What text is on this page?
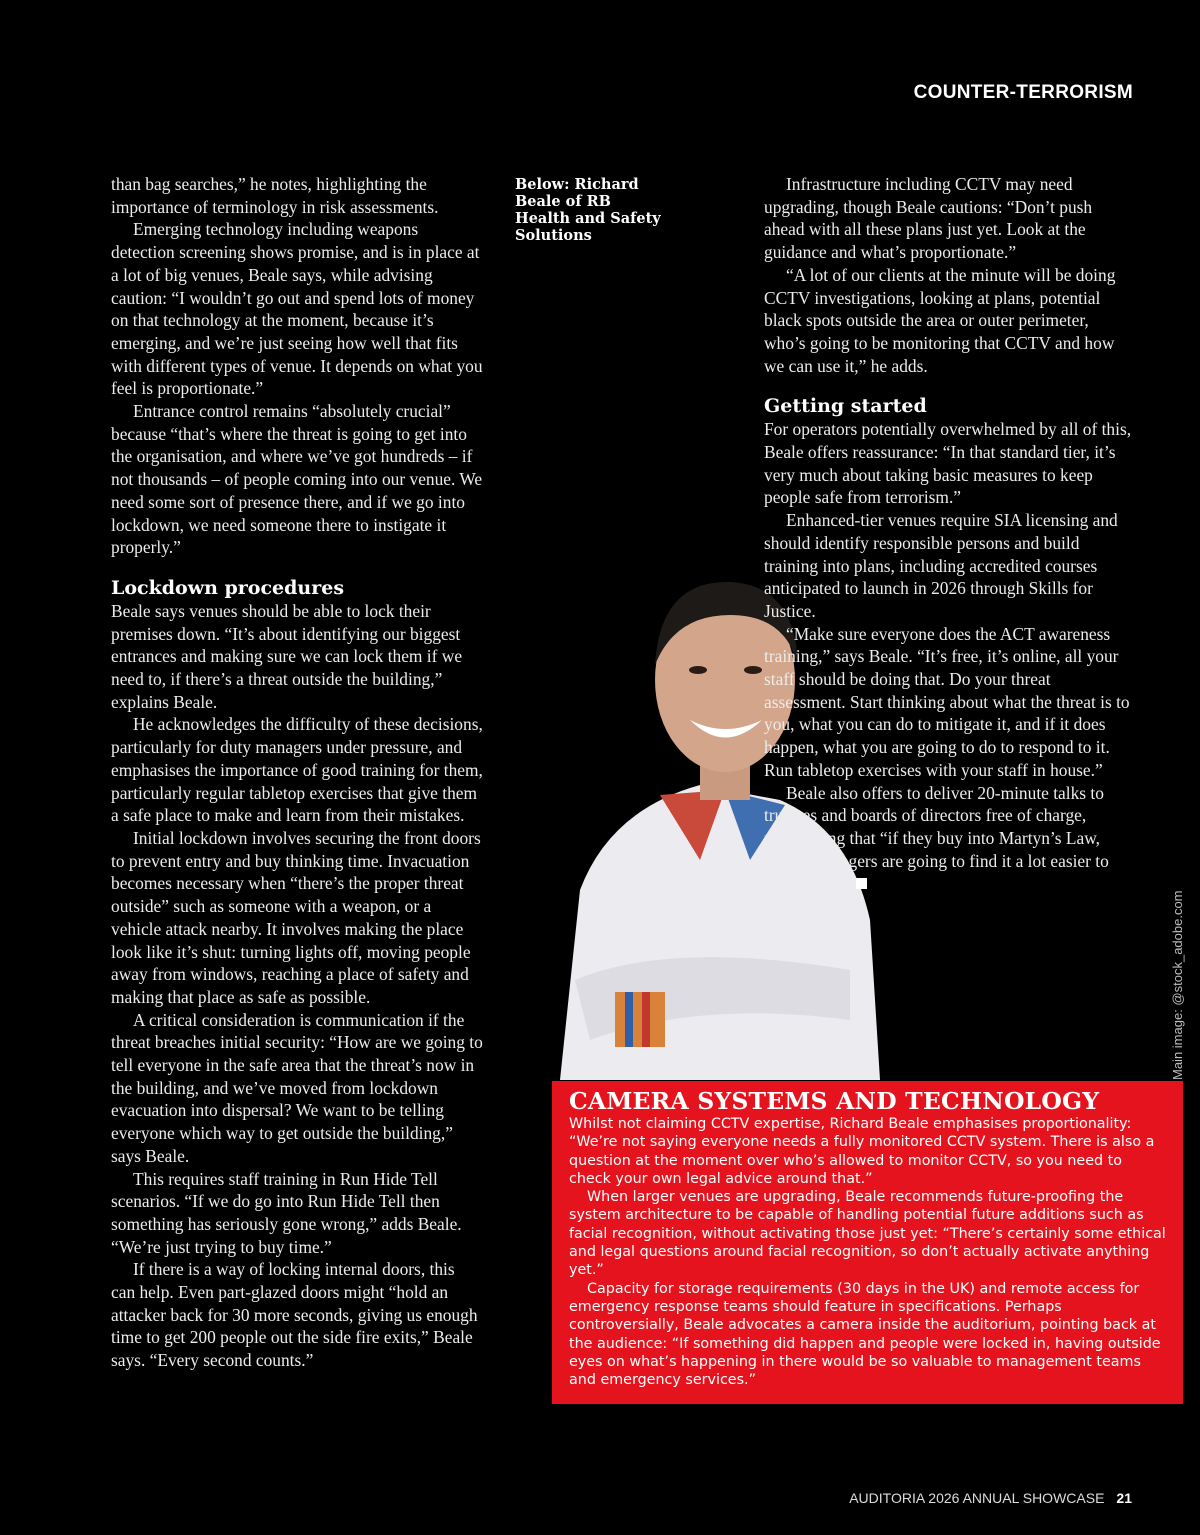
COUNTER-TERRORISM

than bag searches,” he notes, highlighting the importance of terminology in risk assessments.

Emerging technology including weapons detection screening shows promise, and is in place at a lot of big venues, Beale says, while advising caution: “I wouldn’t go out and spend lots of money on that technology at the moment, because it’s emerging, and we’re just seeing how well that fits with different types of venue. It depends on what you feel is proportionate.”

Entrance control remains “absolutely crucial” because “that’s where the threat is going to get into the organisation, and where we’ve got hundreds – if not thousands – of people coming into our venue. We need some sort of presence there, and if we go into lockdown, we need someone there to instigate it properly.”

Lockdown procedures

Beale says venues should be able to lock their premises down. “It’s about identifying our biggest entrances and making sure we can lock them if we need to, if there’s a threat outside the building,” explains Beale.

He acknowledges the difficulty of these decisions, particularly for duty managers under pressure, and emphasises the importance of good training for them, particularly regular tabletop exercises that give them a safe place to make and learn from their mistakes.

Initial lockdown involves securing the front doors to prevent entry and buy thinking time. Invacuation becomes necessary when “there’s the proper threat outside” such as someone with a weapon, or a vehicle attack nearby. It involves making the place look like it’s shut: turning lights off, moving people away from windows, reaching a place of safety and making that place as safe as possible.

A critical consideration is communication if the threat breaches initial security: “How are we going to tell everyone in the safe area that the threat’s now in the building, and we’ve moved from lockdown evacuation into dispersal? We want to be telling everyone which way to get outside the building,” says Beale.

This requires staff training in Run Hide Tell scenarios. “If we do go into Run Hide Tell then something has seriously gone wrong,” adds Beale. “We’re just trying to buy time.”

If there is a way of locking internal doors, this can help. Even part-glazed doors might “hold an attacker back for 30 more seconds, giving us enough time to get 200 people out the side fire exits,” Beale says. “Every second counts.”

Below: Richard Beale of RB Health and Safety Solutions

Infrastructure including CCTV may need upgrading, though Beale cautions: “Don’t push ahead with all these plans just yet. Look at the guidance and what’s proportionate.”

“A lot of our clients at the minute will be doing CCTV investigations, looking at plans, potential black spots outside the area or outer perimeter, who’s going to be monitoring that CCTV and how we can use it,” he adds.

Getting started

For operators potentially overwhelmed by all of this, Beale offers reassurance: “In that standard tier, it’s very much about taking basic measures to keep people safe from terrorism.”

Enhanced-tier venues require SIA licensing and should identify responsible persons and build training into plans, including accredited courses anticipated to launch in 2026 through Skills for Justice.

“Make sure everyone does the ACT awareness training,” says Beale. “It’s free, it’s online, all your staff should be doing that. Do your threat assessment. Start thinking about what the threat is to you, what you can do to mitigate it, and if it does happen, what you are going to do to respond to it. Run tabletop exercises with your staff in house.”

Beale also offers to deliver 20-minute talks to trustees and boards of directors free of charge, recognising that “if they buy into Martyn’s Law, senior managers are going to find it a lot easier to implement”.

Main image: @stock_adobe.com
CAMERA SYSTEMS AND TECHNOLOGY

Whilst not claiming CCTV expertise, Richard Beale emphasises proportionality: “We’re not saying everyone needs a fully monitored CCTV system. There is also a question at the moment over who’s allowed to monitor CCTV, so you need to check your own legal advice around that.”

When larger venues are upgrading, Beale recommends future-proofing the system architecture to be capable of handling potential future additions such as facial recognition, without activating those just yet: “There’s certainly some ethical and legal questions around facial recognition, so don’t actually activate anything yet.”

Capacity for storage requirements (30 days in the UK) and remote access for emergency response teams should feature in specifications. Perhaps controversially, Beale advocates a camera inside the auditorium, pointing back at the audience: “If something did happen and people were locked in, having outside eyes on what’s happening in there would be so valuable to management teams and emergency services.”

AUDITORIA 2026 ANNUAL SHOWCASE 21
